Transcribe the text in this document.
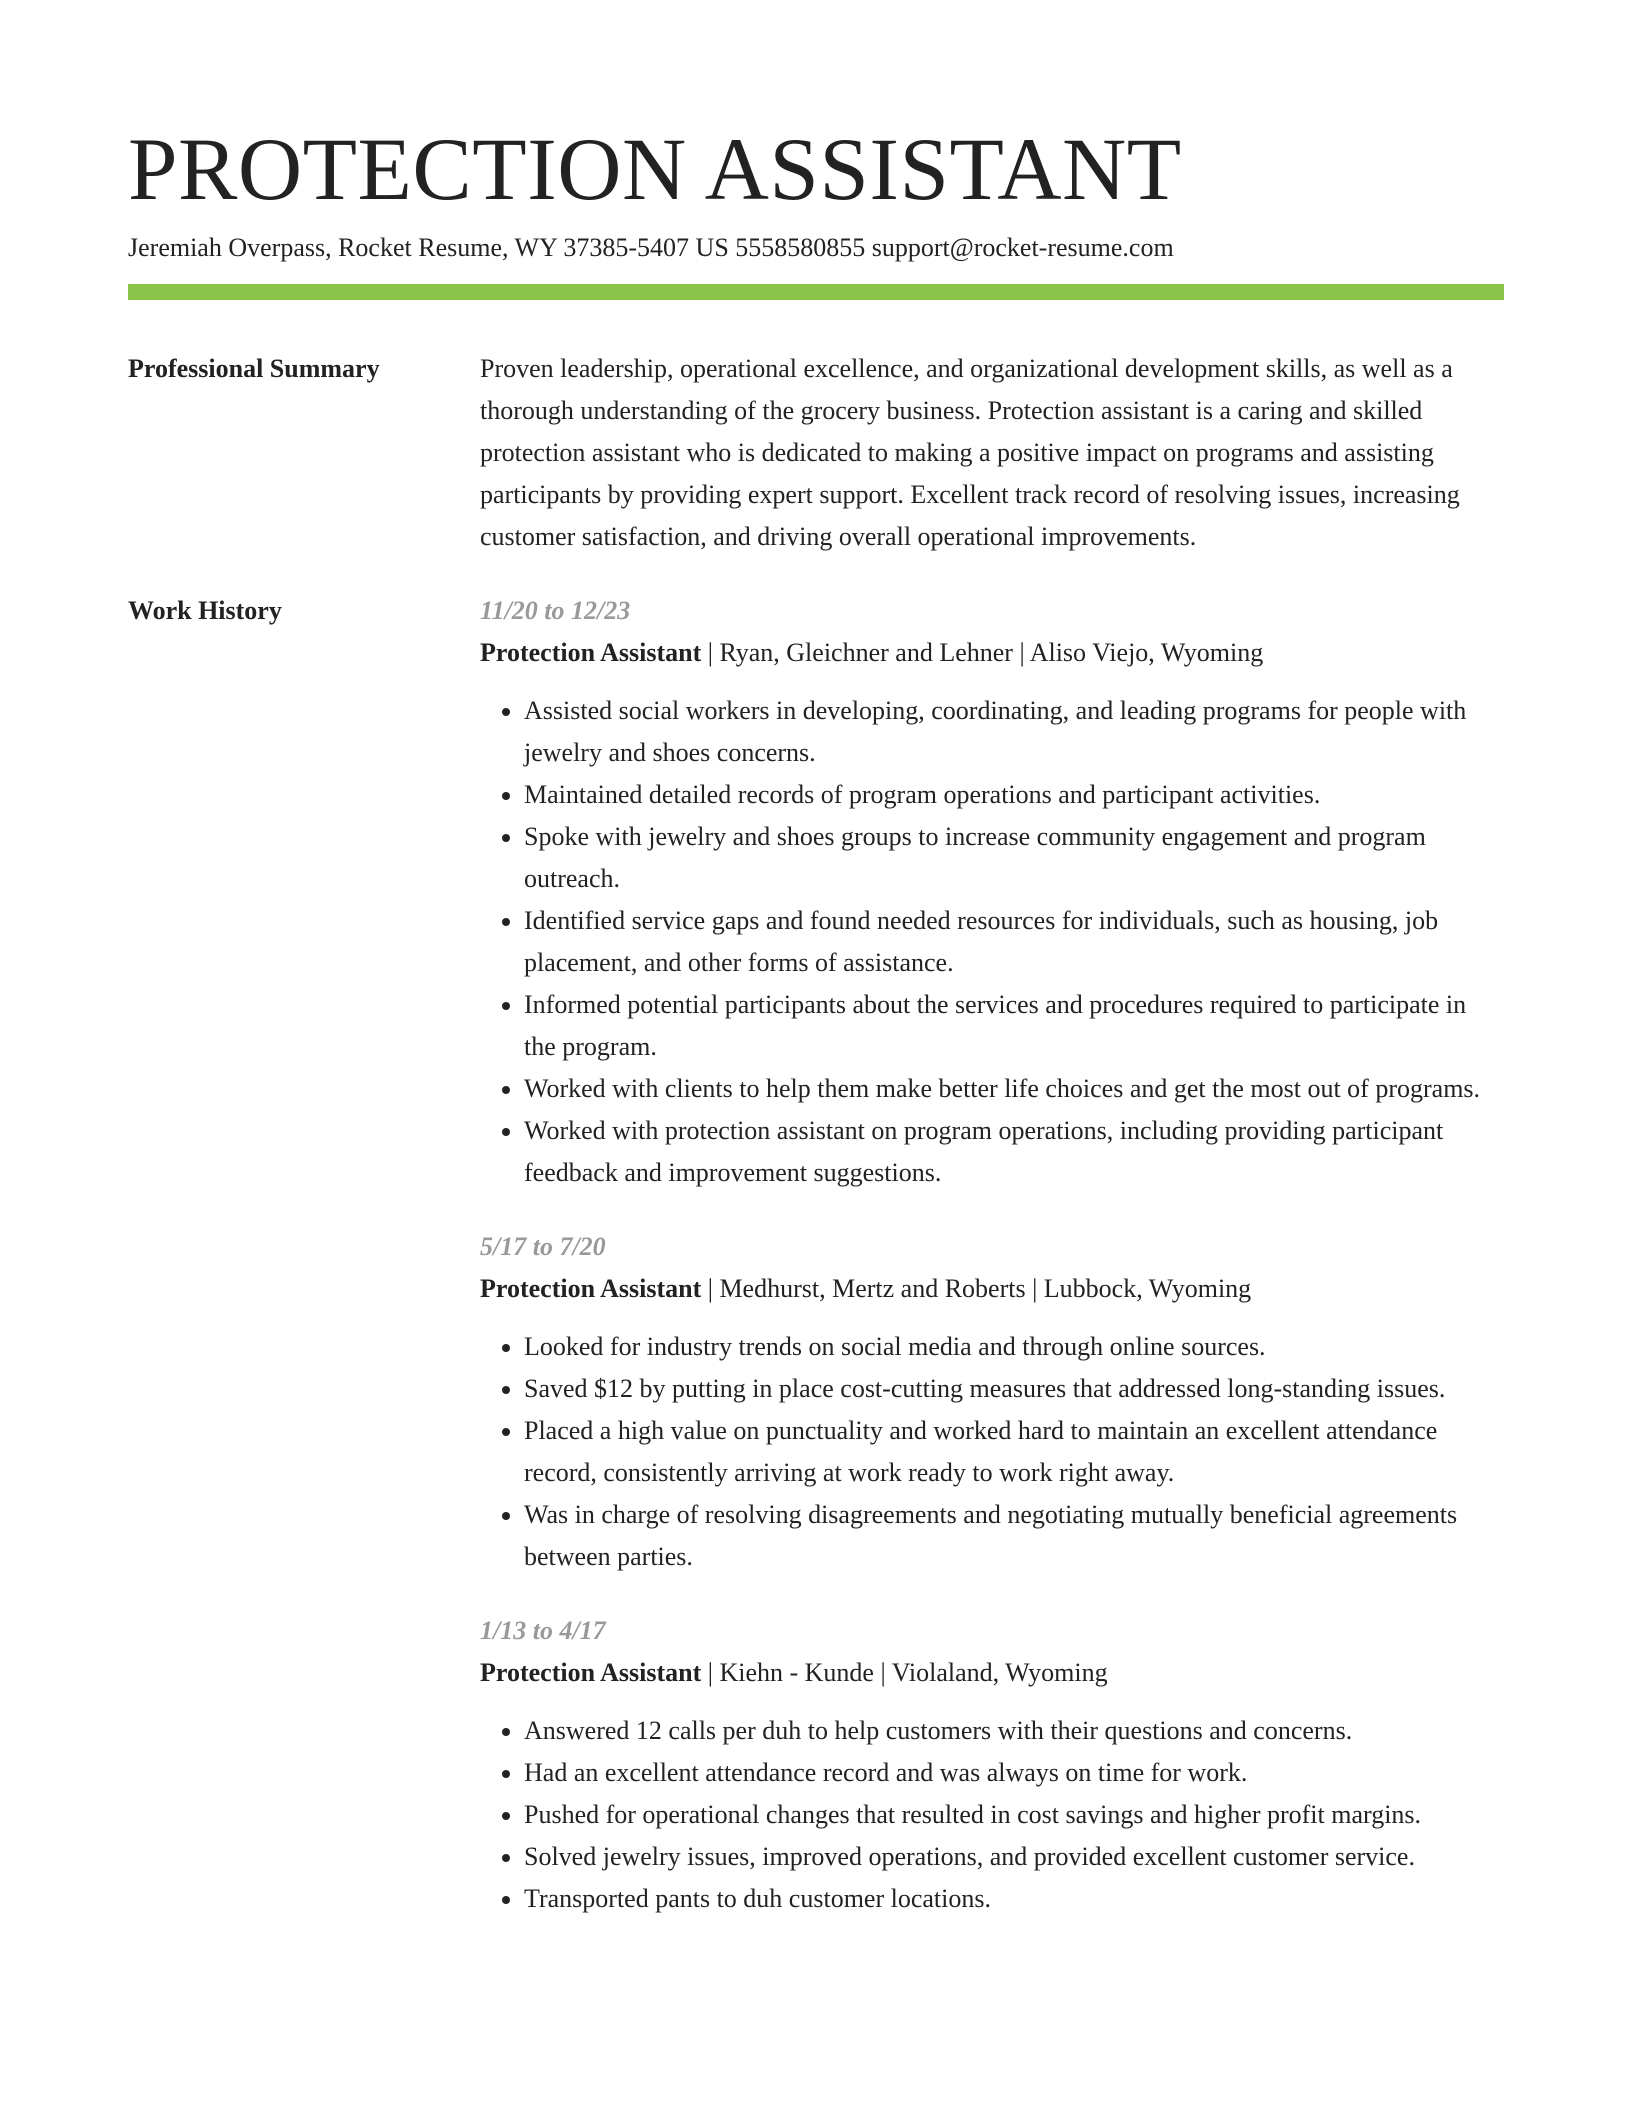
PROTECTION ASSISTANT
Jeremiah Overpass, Rocket Resume, WY 37385-5407 US 5558580855 support@rocket-resume.com
Professional Summary	Proven leadership, operational excellence, and organizational development skills, as well as a thorough understanding of the grocery business. Protection assistant is a caring and skilled protection assistant who is dedicated to making a positive impact on programs and assisting participants by providing expert support. Excellent track record of resolving issues, increasing customer satisfaction, and driving overall operational improvements.
Work History	11/20 to 12/23
Protection Assistant | Ryan, Gleichner and Lehner | Aliso Viejo, Wyoming
• Assisted social workers in developing, coordinating, and leading programs for people with jewelry and shoes concerns.
• Maintained detailed records of program operations and participant activities.
• Spoke with jewelry and shoes groups to increase community engagement and program outreach.
• Identified service gaps and found needed resources for individuals, such as housing, job placement, and other forms of assistance.
• Informed potential participants about the services and procedures required to participate in the program.
• Worked with clients to help them make better life choices and get the most out of programs.
• Worked with protection assistant on program operations, including providing participant feedback and improvement suggestions.
5/17 to 7/20
Protection Assistant | Medhurst, Mertz and Roberts | Lubbock, Wyoming
• Looked for industry trends on social media and through online sources.
• Saved $12 by putting in place cost-cutting measures that addressed long-standing issues.
• Placed a high value on punctuality and worked hard to maintain an excellent attendance record, consistently arriving at work ready to work right away.
• Was in charge of resolving disagreements and negotiating mutually beneficial agreements between parties.
1/13 to 4/17
Protection Assistant | Kiehn - Kunde | Violaland, Wyoming
• Answered 12 calls per duh to help customers with their questions and concerns.
• Had an excellent attendance record and was always on time for work.
• Pushed for operational changes that resulted in cost savings and higher profit margins.
• Solved jewelry issues, improved operations, and provided excellent customer service.
• Transported pants to duh customer locations.
